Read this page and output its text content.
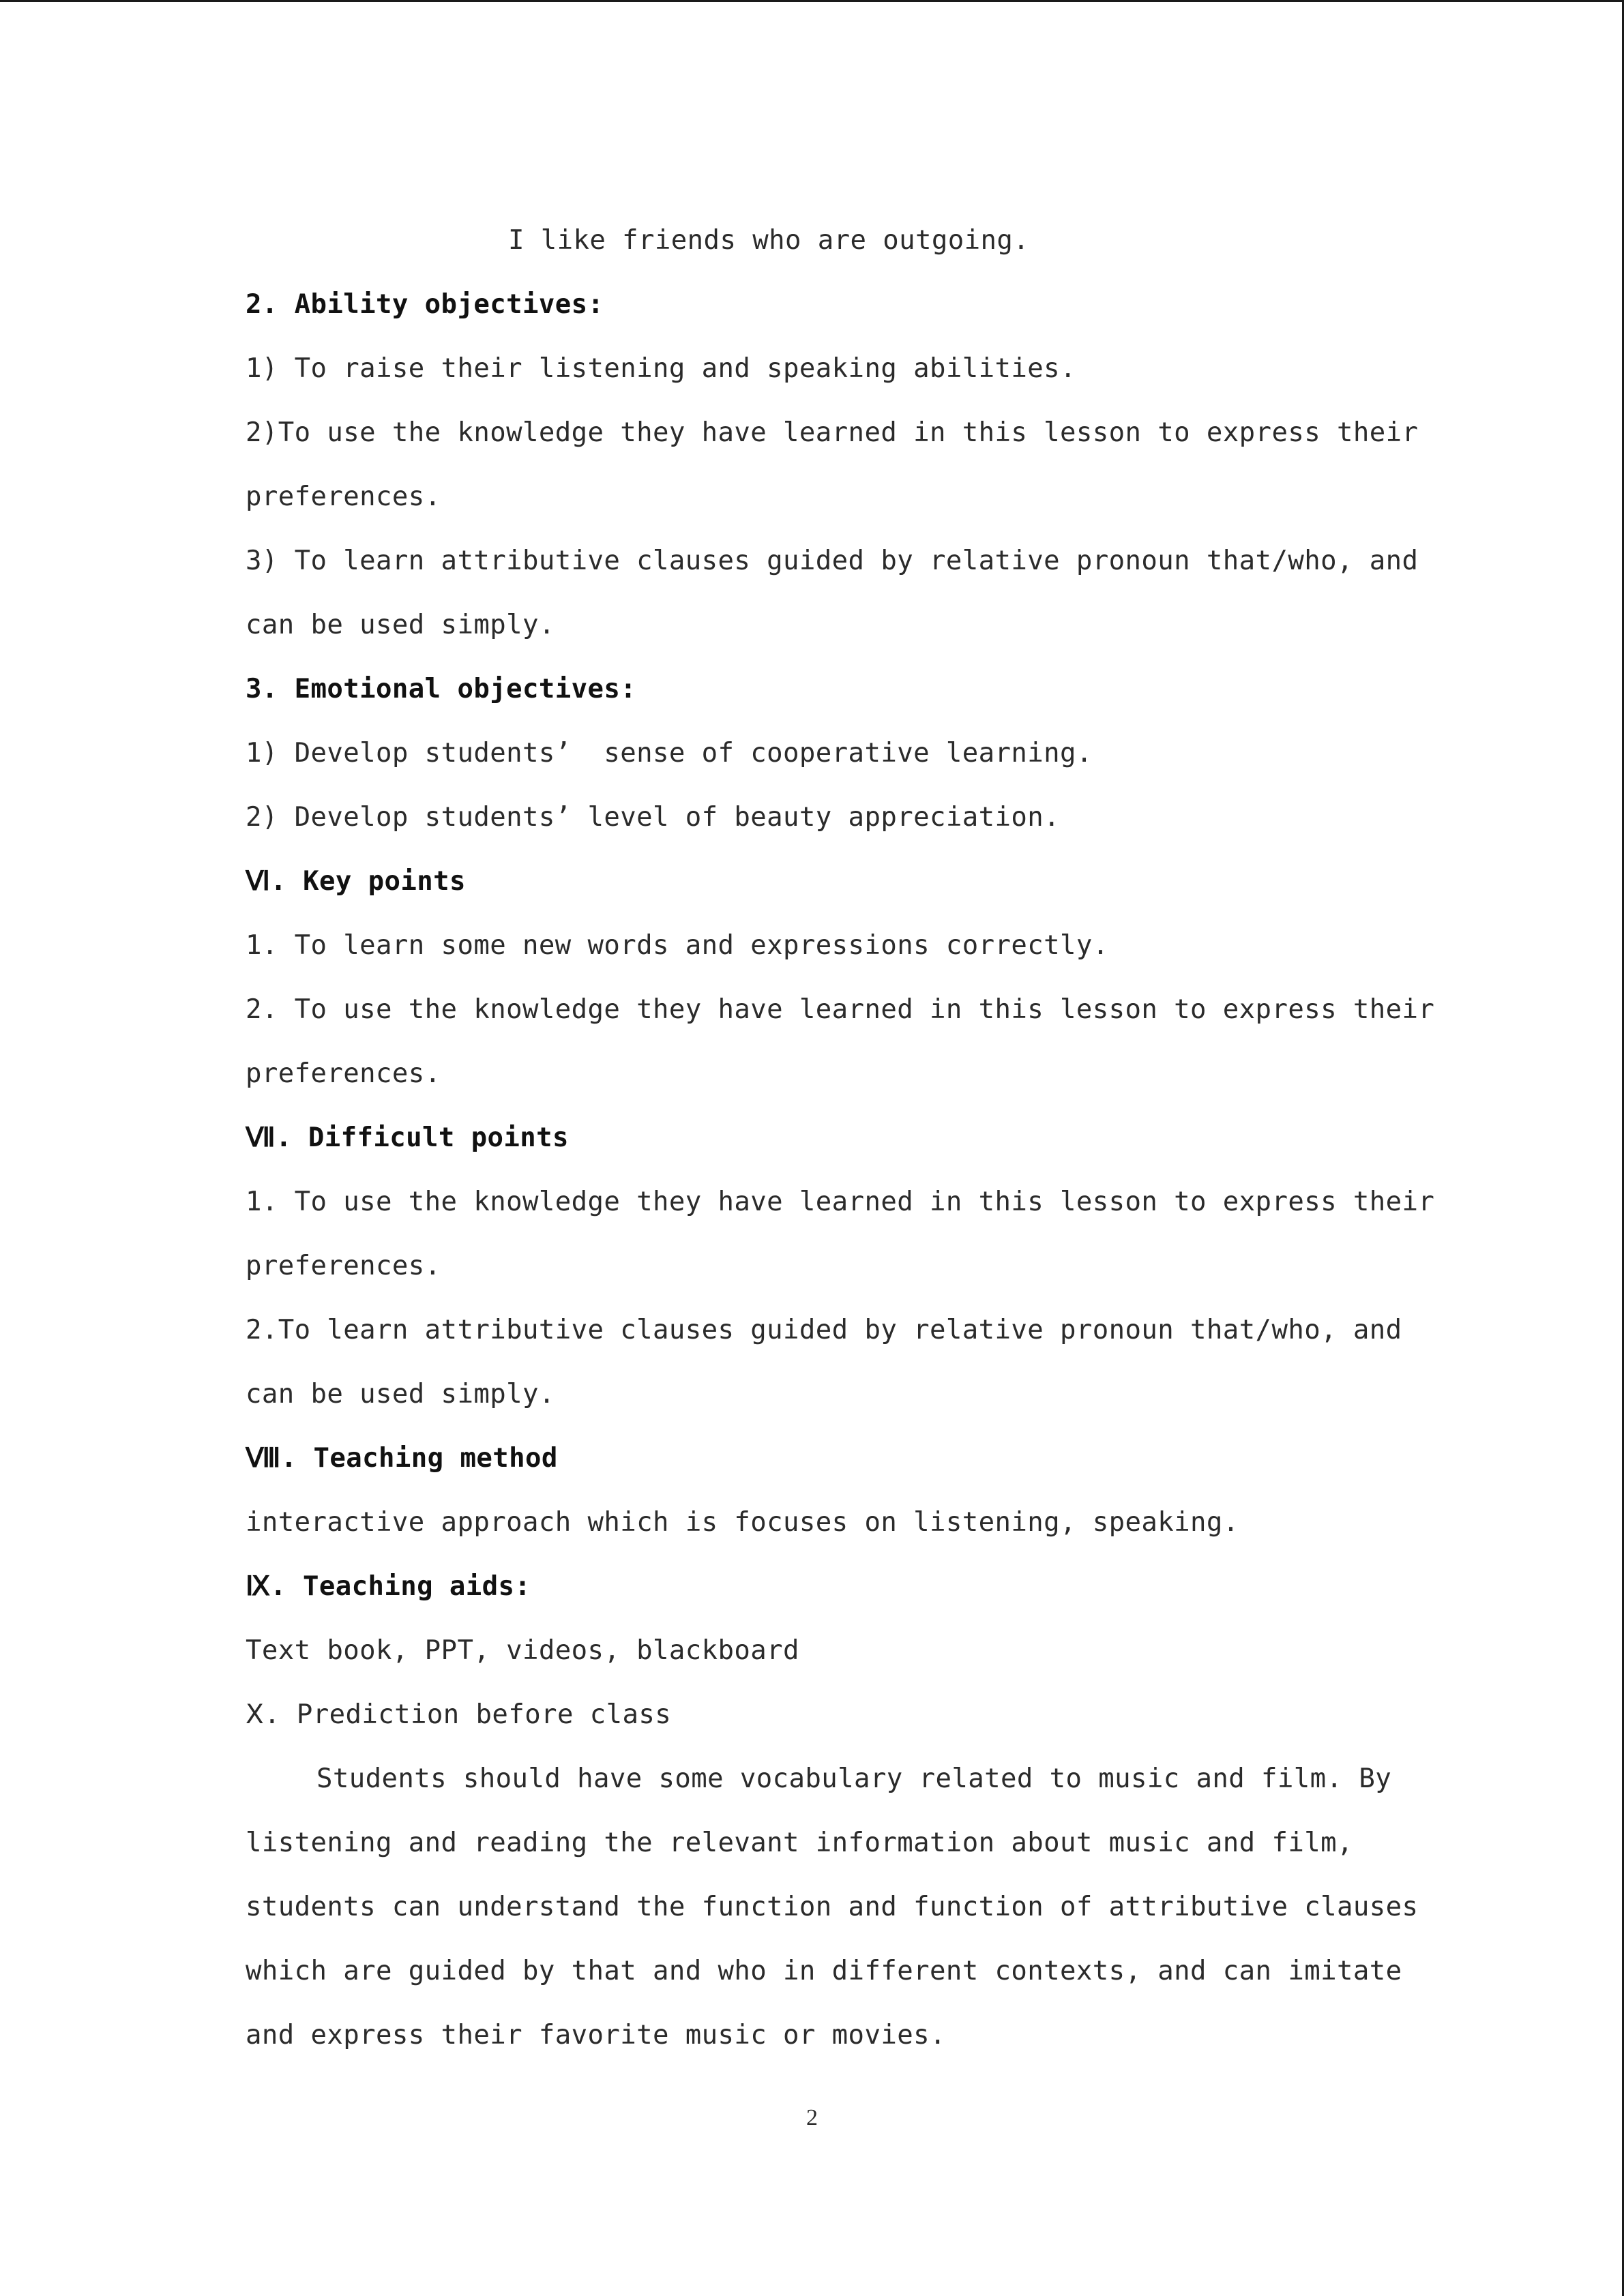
I like friends who are outgoing.
2. Ability objectives:
1) To raise their listening and speaking abilities.
2)To use the knowledge they have learned in this lesson to express their
preferences.
3) To learn attributive clauses guided by relative pronoun that/who, and
can be used simply.
3. Emotional objectives:
1) Develop students’  sense of cooperative learning.
2) Develop students’ level of beauty appreciation.
Ⅵ. Key points
1. To learn some new words and expressions correctly.
2. To use the knowledge they have learned in this lesson to express their
preferences.
Ⅶ. Difficult points
1. To use the knowledge they have learned in this lesson to express their
preferences.
2.To learn attributive clauses guided by relative pronoun that/who, and
can be used simply.
Ⅷ. Teaching method
interactive approach which is focuses on listening, speaking.
Ⅸ. Teaching aids:
Text book, PPT, videos, blackboard
Ⅹ. Prediction before class
Students should have some vocabulary related to music and film. By
listening and reading the relevant information about music and film,
students can understand the function and function of attributive clauses
which are guided by that and who in different contexts, and can imitate
and express their favorite music or movies.
2
